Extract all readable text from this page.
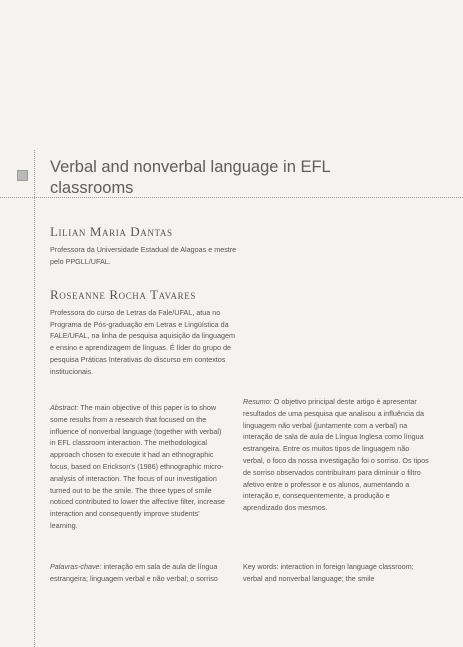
Verbal and nonverbal language in EFL classrooms
Lilian Maria Dantas

Professora da Universidade Estadual de Alagoas e mestre pelo PPGLL/UFAL.

Roseanne Rocha Tavares

Professora do curso de Letras da Fale/UFAL, atua no Programa de Pós-graduação em Letras e Lingüística da FALE/UFAL, na linha de pesquisa aquisição da linguagem e ensino e aprendizagem de línguas. É líder do grupo de pesquisa Práticas Interativas do discurso em contextos institucionais.

Abstract: The main objective of this paper is to show some results from a research that focused on the influence of nonverbal language (together with verbal) in EFL classroom interaction. The methodological approach chosen to execute it had an ethnographic focus, based on Erickson's (1986) ethnographic micro-analysis of interaction. The focus of our investigation turned out to be the smile. The three types of smile noticed contributed to lower the affective filter, increase interaction and consequently improve students' learning.

Palavras-chave: interação em sala de aula de língua estrangeira; linguagem verbal e não verbal; o sorriso

Resumo: O objetivo principal deste artigo é apresentar resultados de uma pesquisa que analisou a influência da linguagem não verbal (juntamente com a verbal) na interação de sala de aula de Língua Inglesa como língua estrangeira. Entre os muitos tipos de linguagem não verbal, o foco da nossa investigação foi o sorriso. Os tipos de sorriso observados contribuíram para diminuir o filtro afetivo entre o professor e os alunos, aumentando a interação e, consequentemente, a produção e aprendizado dos mesmos.

Key words: interaction in foreign language classroom; verbal and nonverbal language; the smile
